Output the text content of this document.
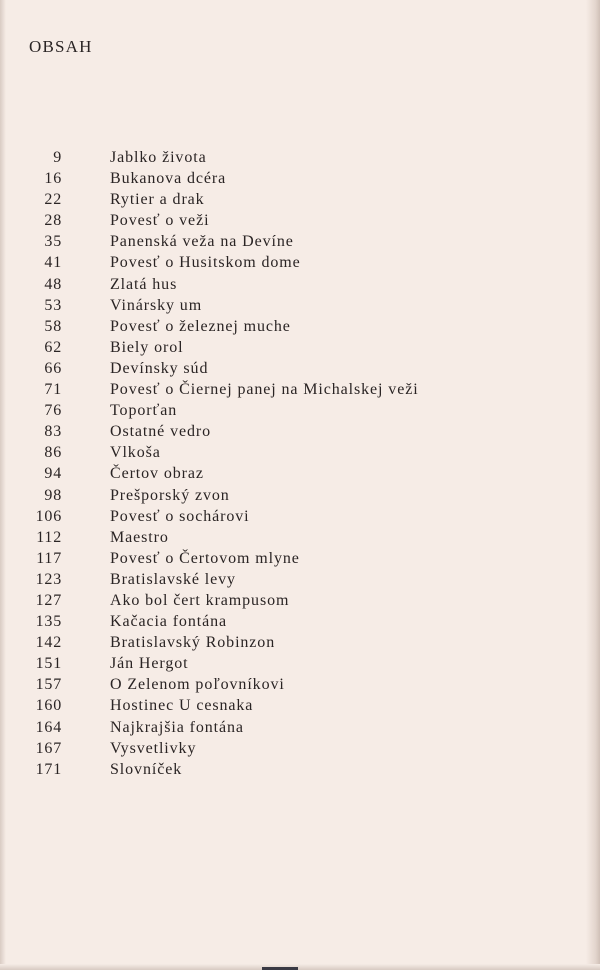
OBSAH
9	Jablko života
16	Bukanova dcéra
22	Rytier a drak
28	Povesť o veži
35	Panenská veža na Devíne
41	Povesť o Husitskom dome
48	Zlatá hus
53	Vinársky um
58	Povesť o železnej muche
62	Biely orol
66	Devínsky súd
71	Povesť o Čiernej panej na Michalskej veži
76	Toporťan
83	Ostatné vedro
86	Vlkoša
94	Čertov obraz
98	Prešporský zvon
106	Povesť o sochárovi
112	Maestro
117	Povesť o Čertovom mlyne
123	Bratislavské levy
127	Ako bol čert krampusom
135	Kačacia fontána
142	Bratislavský Robinzon
151	Ján Hergot
157	O Zelenom poľovníkovi
160	Hostinec U cesnaka
164	Najkrajšia fontána
167	Vysvetlivky
171	Slovníček
